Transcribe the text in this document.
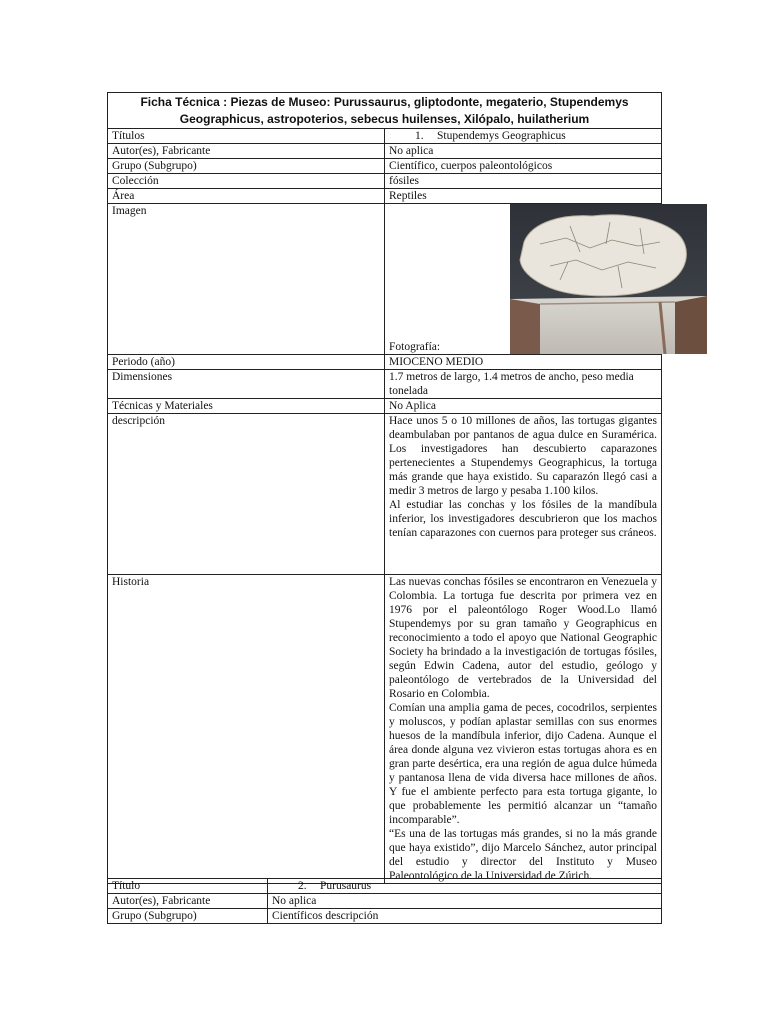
Ficha Técnica : Piezas de Museo: Purussaurus, gliptodonte, megaterio, Stupendemys
Geographicus, astropoterios, sebecus huilenses, Xilópalo, huilatherium	

Títulos	1. Stupendemys Geographicus
Autor(es), Fabricante	No aplica
Grupo (Subgrupo)	Científico, cuerpos paleontológicos
Colección	fósiles
Área	Reptiles
Imagen	Fotografía:

Periodo (año)	MIOCENO MEDIO
Dimensiones	1.7 metros de largo, 1.4 metros de ancho, peso media tonelada
Técnicas y Materiales	No Aplica
descripción	Hace unos 5 o 10 millones de años, las tortugas gigantes deambulaban por pantanos de agua dulce en Suramérica. Los investigadores han descubierto caparazones pertenecientes a Stupendemys Geographicus, la tortuga más grande que haya existido. Su caparazón llegó casi a medir 3 metros de largo y pesaba 1.100 kilos.
Al estudiar las conchas y los fósiles de la mandíbula inferior, los investigadores descubrieron que los machos tenían caparazones con cuernos para proteger sus cráneos.

Historia	Las nuevas conchas fósiles se encontraron en Venezuela y Colombia. La tortuga fue descrita por primera vez en 1976 por el paleontólogo Roger Wood.Lo llamó Stupendemys por su gran tamaño y Geographicus en reconocimiento a todo el apoyo que National Geographic Society ha brindado a la investigación de tortugas fósiles, según Edwin Cadena, autor del estudio, geólogo y paleontólogo de vertebrados de la Universidad del Rosario en Colombia.
Comían una amplia gama de peces, cocodrilos, serpientes y moluscos, y podían aplastar semillas con sus enormes huesos de la mandíbula inferior, dijo Cadena. Aunque el área donde alguna vez vivieron estas tortugas ahora es en gran parte desértica, era una región de agua dulce húmeda y pantanosa llena de vida diversa hace millones de años. Y fue el ambiente perfecto para esta tortuga gigante, lo que probablemente les permitió alcanzar un “tamaño incomparable”.
“Es una de las tortugas más grandes, si no la más grande que haya existido”, dijo Marcelo Sánchez, autor principal del estudio y director del Instituto y Museo Paleontológico de la Universidad de Zúrich.
Título	2. Purusaurus
Autor(es), Fabricante	No aplica
Grupo (Subgrupo)	Científicos descripción
